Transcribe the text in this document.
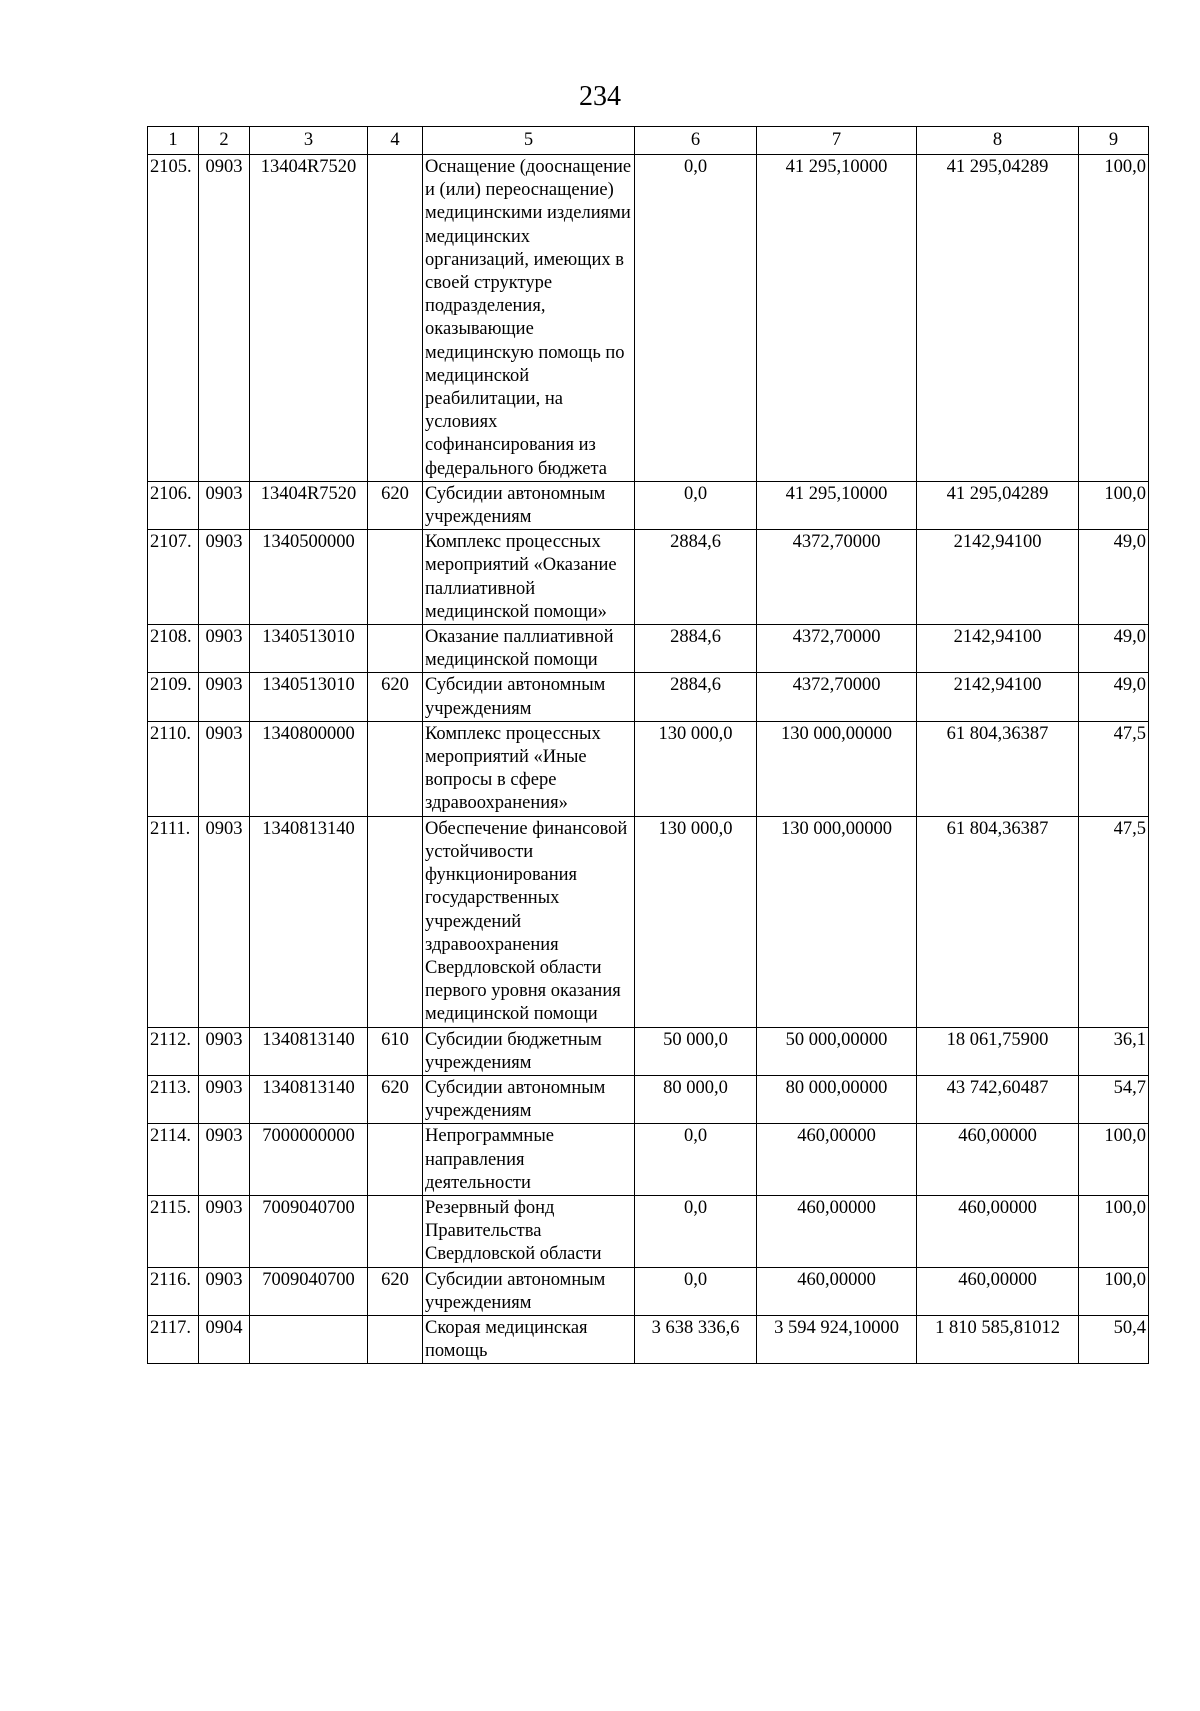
234
1	2	3	4	5	6	7	8	9
2105.	0903	13404R7520		Оснащение (дооснащение и (или) переоснащение) медицинскими изделиями медицинских организаций, имеющих в своей структуре подразделения, оказывающие медицинскую помощь по медицинской реабилитации, на условиях софинансирования из федерального бюджета	0,0	41 295,10000	41 295,04289	100,0
2106.	0903	13404R7520	620	Субсидии автономным учреждениям	0,0	41 295,10000	41 295,04289	100,0
2107.	0903	1340500000		Комплекс процессных мероприятий «Оказание паллиативной медицинской помощи»	2884,6	4372,70000	2142,94100	49,0
2108.	0903	1340513010		Оказание паллиативной медицинской помощи	2884,6	4372,70000	2142,94100	49,0
2109.	0903	1340513010	620	Субсидии автономным учреждениям	2884,6	4372,70000	2142,94100	49,0
2110.	0903	1340800000		Комплекс процессных мероприятий «Иные вопросы в сфере здравоохранения»	130 000,0	130 000,00000	61 804,36387	47,5
2111.	0903	1340813140		Обеспечение финансовой устойчивости функционирования государственных учреждений здравоохранения Свердловской области первого уровня оказания медицинской помощи	130 000,0	130 000,00000	61 804,36387	47,5
2112.	0903	1340813140	610	Субсидии бюджетным учреждениям	50 000,0	50 000,00000	18 061,75900	36,1
2113.	0903	1340813140	620	Субсидии автономным учреждениям	80 000,0	80 000,00000	43 742,60487	54,7
2114.	0903	7000000000		Непрограммные направления деятельности	0,0	460,00000	460,00000	100,0
2115.	0903	7009040700		Резервный фонд Правительства Свердловской области	0,0	460,00000	460,00000	100,0
2116.	0903	7009040700	620	Субсидии автономным учреждениям	0,0	460,00000	460,00000	100,0
2117.	0904			Скорая медицинская помощь	3 638 336,6	3 594 924,10000	1 810 585,81012	50,4
